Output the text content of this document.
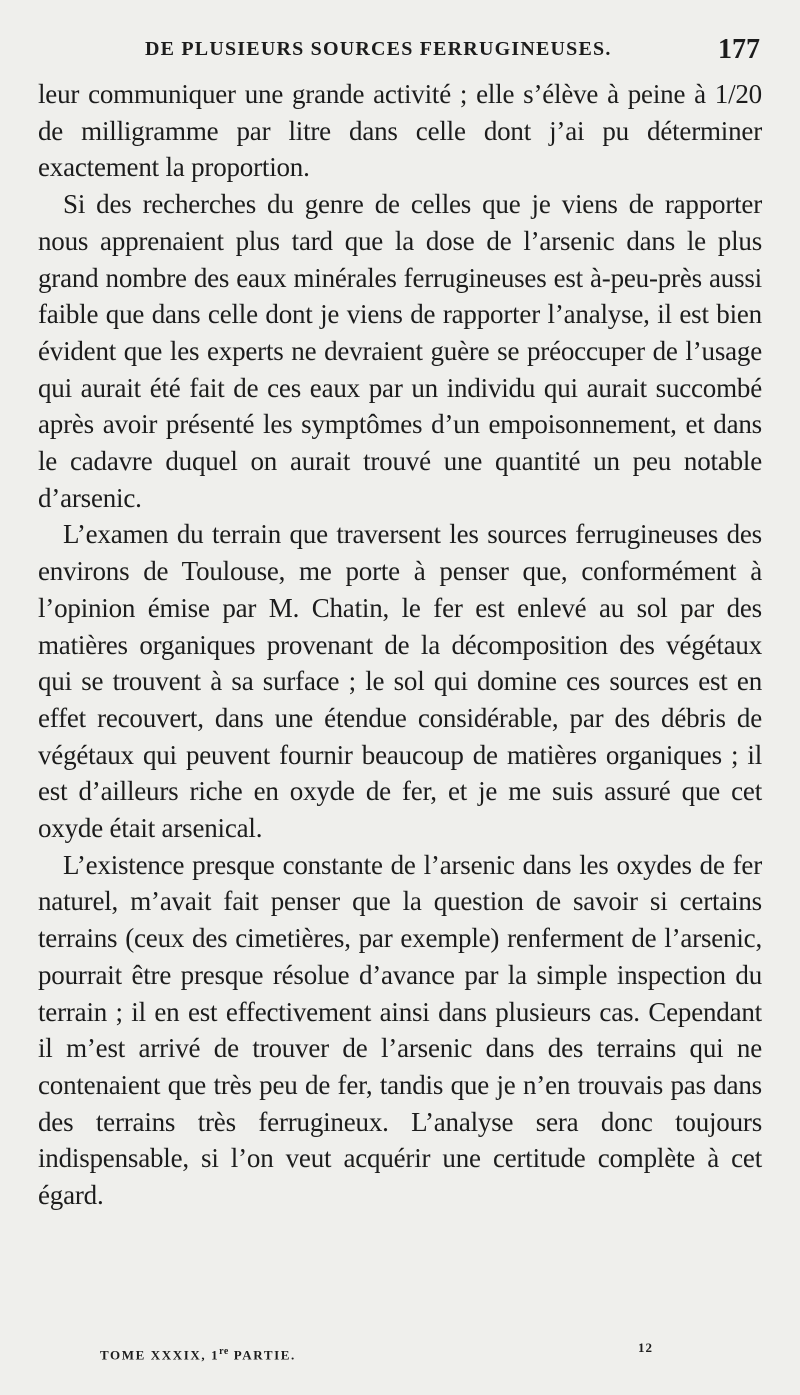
DE PLUSIEURS SOURCES FERRUGINEUSES.	177

leur communiquer une grande activité ; elle s’élève à peine à 1/20 de milligramme par litre dans celle dont j’ai pu déterminer exactement la proportion.

Si des recherches du genre de celles que je viens de rapporter nous apprenaient plus tard que la dose de l’arsenic dans le plus grand nombre des eaux minérales ferrugineuses est à-peu-près aussi faible que dans celle dont je viens de rapporter l’analyse, il est bien évident que les experts ne devraient guère se préoccuper de l’usage qui aurait été fait de ces eaux par un individu qui aurait succombé après avoir présenté les symptômes d’un empoisonnement, et dans le cadavre duquel on aurait trouvé une quantité un peu notable d’arsenic.

L’examen du terrain que traversent les sources ferrugineuses des environs de Toulouse, me porte à penser que, conformément à l’opinion émise par M. Chatin, le fer est enlevé au sol par des matières organiques provenant de la décomposition des végétaux qui se trouvent à sa surface ; le sol qui domine ces sources est en effet recouvert, dans une étendue considérable, par des débris de végétaux qui peuvent fournir beaucoup de matières organiques ; il est d’ailleurs riche en oxyde de fer, et je me suis assuré que cet oxyde était arsenical.

L’existence presque constante de l’arsenic dans les oxydes de fer naturel, m’avait fait penser que la question de savoir si certains terrains (ceux des cimetières, par exemple) renferment de l’arsenic, pourrait être presque résolue d’avance par la simple inspection du terrain ; il en est effectivement ainsi dans plusieurs cas. Cependant il m’est arrivé de trouver de l’arsenic dans des terrains qui ne contenaient que très peu de fer, tandis que je n’en trouvais pas dans des terrains très ferrugineux. L’analyse sera donc toujours indispensable, si l’on veut acquérir une certitude complète à cet égard.

TOME XXXIX, 1re PARTIE.	12
